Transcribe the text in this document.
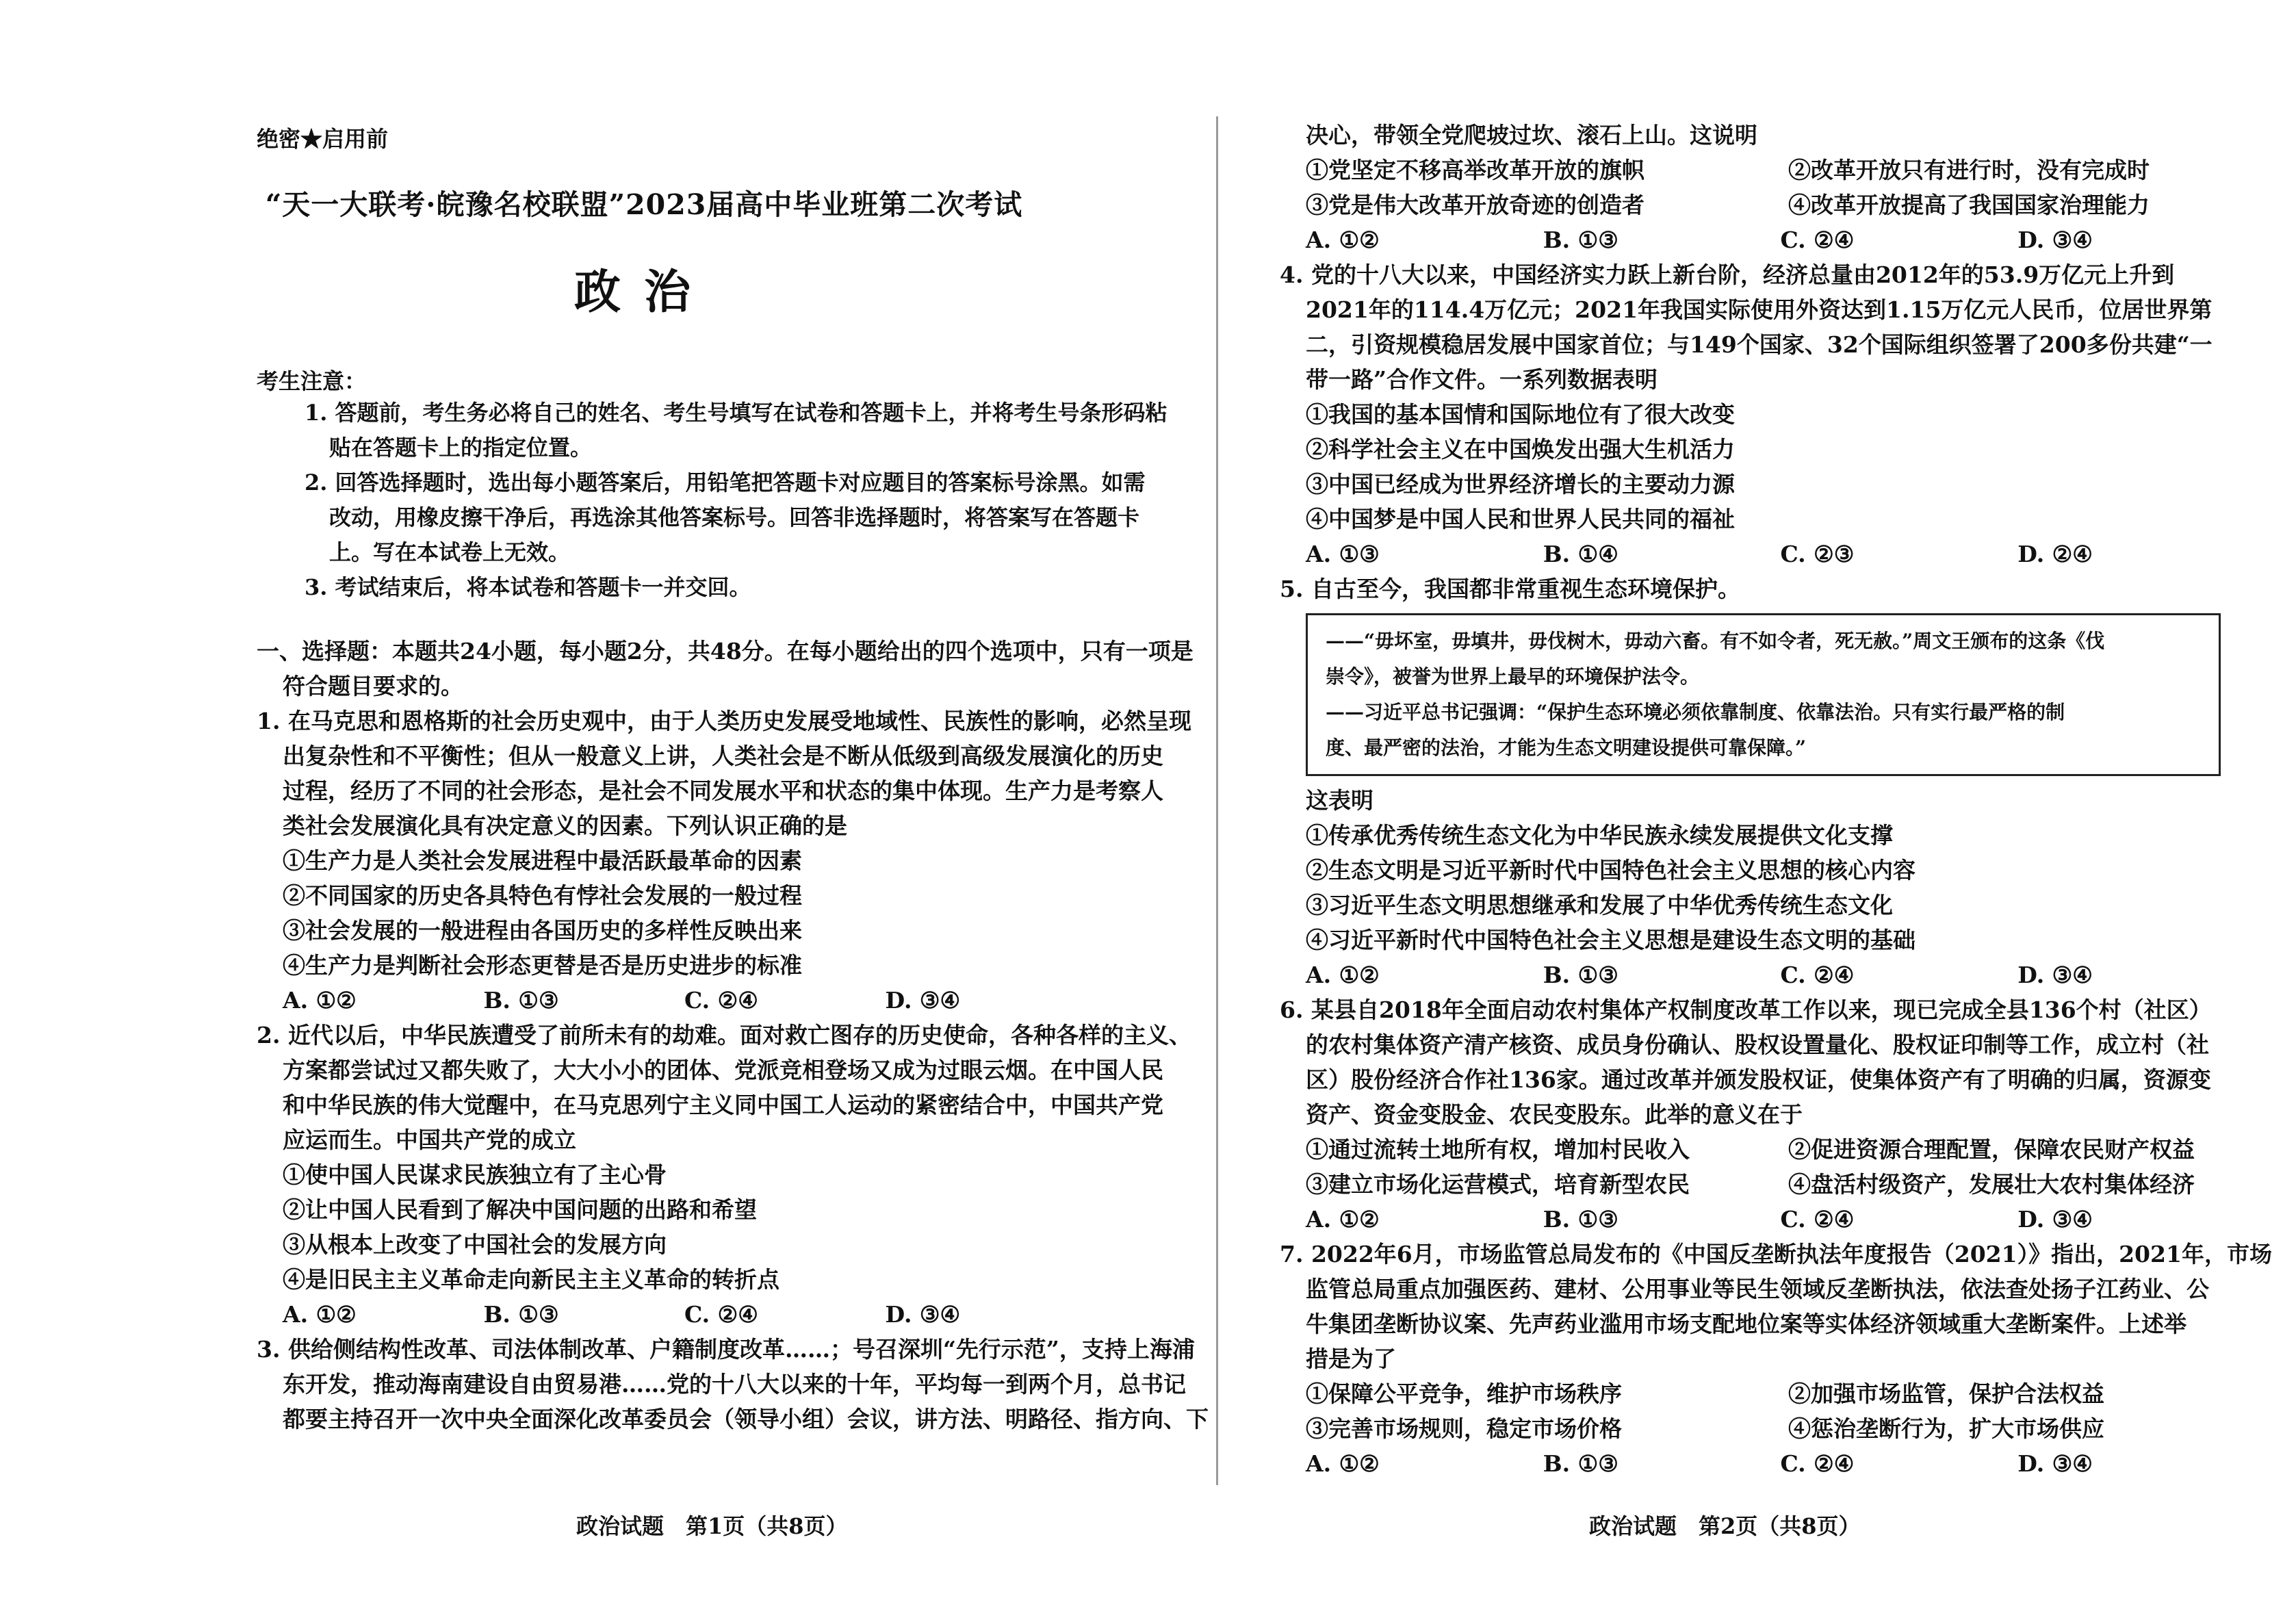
绝密★启用前
“天一大联考·皖豫名校联盟”2023届高中毕业班第二次考试
政治
考生注意：
1. 答题前，考生务必将自己的姓名、考生号填写在试卷和答题卡上，并将考生号条形码粘
贴在答题卡上的指定位置。
2. 回答选择题时，选出每小题答案后，用铅笔把答题卡对应题目的答案标号涂黑。如需
改动，用橡皮擦干净后，再选涂其他答案标号。回答非选择题时，将答案写在答题卡
上。写在本试卷上无效。
3. 考试结束后，将本试卷和答题卡一并交回。
一、选择题：本题共24小题，每小题2分，共48分。在每小题给出的四个选项中，只有一项是
符合题目要求的。
1. 在马克思和恩格斯的社会历史观中，由于人类历史发展受地域性、民族性的影响，必然呈现
出复杂性和不平衡性；但从一般意义上讲，人类社会是不断从低级到高级发展演化的历史
过程，经历了不同的社会形态，是社会不同发展水平和状态的集中体现。生产力是考察人
类社会发展演化具有决定意义的因素。下列认识正确的是
①生产力是人类社会发展进程中最活跃最革命的因素
②不同国家的历史各具特色有悖社会发展的一般过程
③社会发展的一般进程由各国历史的多样性反映出来
④生产力是判断社会形态更替是否是历史进步的标准
A. ①②	B. ①③	C. ②④	D. ③④
2. 近代以后，中华民族遭受了前所未有的劫难。面对救亡图存的历史使命，各种各样的主义、
方案都尝试过又都失败了，大大小小的团体、党派竞相登场又成为过眼云烟。在中国人民
和中华民族的伟大觉醒中，在马克思列宁主义同中国工人运动的紧密结合中，中国共产党
应运而生。中国共产党的成立
①使中国人民谋求民族独立有了主心骨
②让中国人民看到了解决中国问题的出路和希望
③从根本上改变了中国社会的发展方向
④是旧民主主义革命走向新民主主义革命的转折点
A. ①②	B. ①③	C. ②④	D. ③④
3. 供给侧结构性改革、司法体制改革、户籍制度改革……；号召深圳“先行示范”，支持上海浦
东开发，推动海南建设自由贸易港……党的十八大以来的十年，平均每一到两个月，总书记
都要主持召开一次中央全面深化改革委员会（领导小组）会议，讲方法、明路径、指方向、下
政治试题　第1页（共8页）
决心，带领全党爬坡过坎、滚石上山。这说明
①党坚定不移高举改革开放的旗帜	②改革开放只有进行时，没有完成时
③党是伟大改革开放奇迹的创造者	④改革开放提高了我国国家治理能力
A. ①②	B. ①③	C. ②④	D. ③④
4. 党的十八大以来，中国经济实力跃上新台阶，经济总量由2012年的53.9万亿元上升到
2021年的114.4万亿元；2021年我国实际使用外资达到1.15万亿元人民币，位居世界第
二，引资规模稳居发展中国家首位；与149个国家、32个国际组织签署了200多份共建“一
带一路”合作文件。一系列数据表明
①我国的基本国情和国际地位有了很大改变
②科学社会主义在中国焕发出强大生机活力
③中国已经成为世界经济增长的主要动力源
④中国梦是中国人民和世界人民共同的福祉
A. ①③	B. ①④	C. ②③	D. ②④
5. 自古至今，我国都非常重视生态环境保护。
——“毋坏室，毋填井，毋伐树木，毋动六畜。有不如令者，死无赦。”周文王颁布的这条《伐
崇令》，被誉为世界上最早的环境保护法令。
——习近平总书记强调：“保护生态环境必须依靠制度、依靠法治。只有实行最严格的制
度、最严密的法治，才能为生态文明建设提供可靠保障。”
这表明
①传承优秀传统生态文化为中华民族永续发展提供文化支撑
②生态文明是习近平新时代中国特色社会主义思想的核心内容
③习近平生态文明思想继承和发展了中华优秀传统生态文化
④习近平新时代中国特色社会主义思想是建设生态文明的基础
A. ①②	B. ①③	C. ②④	D. ③④
6. 某县自2018年全面启动农村集体产权制度改革工作以来，现已完成全县136个村（社区）
的农村集体资产清产核资、成员身份确认、股权设置量化、股权证印制等工作，成立村（社
区）股份经济合作社136家。通过改革并颁发股权证，使集体资产有了明确的归属，资源变
资产、资金变股金、农民变股东。此举的意义在于
①通过流转土地所有权，增加村民收入	②促进资源合理配置，保障农民财产权益
③建立市场化运营模式，培育新型农民	④盘活村级资产，发展壮大农村集体经济
A. ①②	B. ①③	C. ②④	D. ③④
7. 2022年6月，市场监管总局发布的《中国反垄断执法年度报告（2021）》指出，2021年，市场
监管总局重点加强医药、建材、公用事业等民生领域反垄断执法，依法查处扬子江药业、公
牛集团垄断协议案、先声药业滥用市场支配地位案等实体经济领域重大垄断案件。上述举
措是为了
①保障公平竞争，维护市场秩序	②加强市场监管，保护合法权益
③完善市场规则，稳定市场价格	④惩治垄断行为，扩大市场供应
A. ①②	B. ①③	C. ②④	D. ③④
政治试题　第2页（共8页）
